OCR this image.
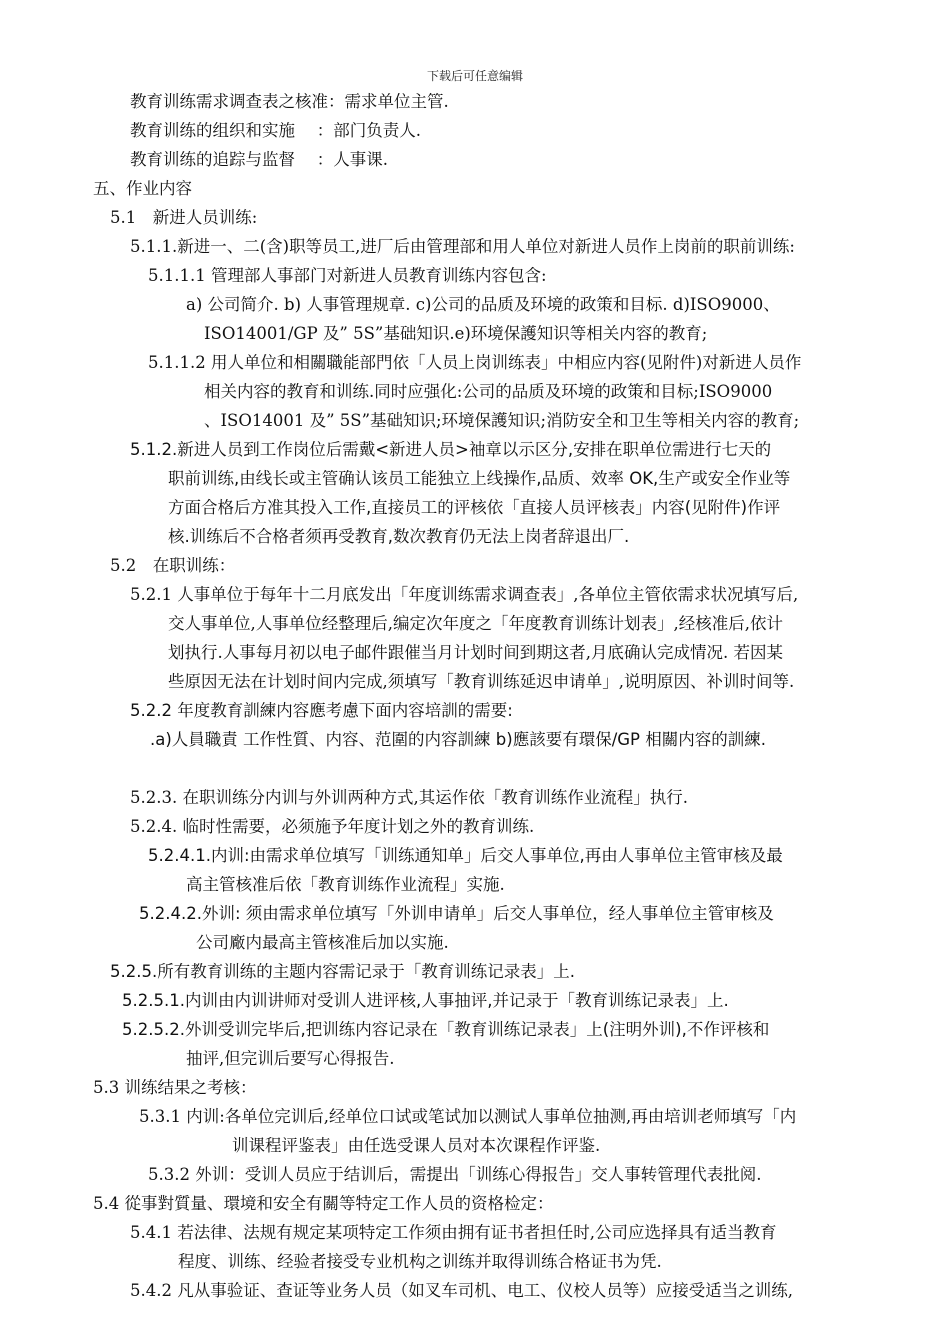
下载后可任意编辑
教育训练需求调查表之核准：需求单位主管.
教育训练的组织和实施　 ：部门负责人.
教育训练的追踪与监督　 ：人事课.
五、作业内容
5.1　新进人员训练:
5.1.1.新进一、二(含)职等员工,进厂后由管理部和用人单位对新进人员作上岗前的职前训练:
5.1.1.1 管理部人事部门对新进人员教育训练内容包含:
a) 公司简介. b) 人事管理规章. c)公司的品质及环境的政策和目标. d)ISO9000、
ISO14001/GP 及” 5S”基础知识.e)环境保護知识等相关内容的教育;
5.1.1.2 用人单位和相關職能部門依「人员上岗训练表」中相应内容(见附件)对新进人员作
相关内容的教育和训练.同时应强化:公司的品质及环境的政策和目标;ISO9000
、ISO14001 及” 5S”基础知识;环境保護知识;消防安全和卫生等相关内容的教育;
5.1.2.新进人员到工作岗位后需戴<新进人员>袖章以示区分,安排在职单位需进行七天的
职前训练,由线长或主管确认该员工能独立上线操作,品质、效率 OK,生产或安全作业等
方面合格后方准其投入工作,直接员工的评核依「直接人员评核表」内容(见附件)作评
核.训练后不合格者须再受教育,数次教育仍无法上岗者辞退出厂.
5.2　在职训练：
5.2.1 人事单位于每年十二月底发出「年度训练需求调查表」,各单位主管依需求状况填写后,
交人事单位,人事单位经整理后,编定次年度之「年度教育训练计划表」,经核准后,依计
划执行.人事每月初以电子邮件跟催当月计划时间到期这者,月底确认完成情况. 若因某
些原因无法在计划时间内完成,须填写「教育训练延迟申请单」,说明原因、补训时间等.
5.2.2 年度教育訓練内容應考慮下面内容培訓的需要:
.a)人員職責 工作性質、内容、范圍的内容訓練 b)應該要有環保/GP 相關内容的訓練.
5.2.3. 在职训练分内训与外训两种方式,其运作依「教育训练作业流程」执行.
5.2.4. 临时性需要，必须施予年度计划之外的教育训练.
5.2.4.1.内训:由需求单位填写「训练通知单」后交人事单位,再由人事单位主管审核及最
高主管核准后依「教育训练作业流程」实施.
5.2.4.2.外训: 须由需求单位填写「外训申请单」后交人事单位，经人事单位主管审核及
公司廠内最高主管核准后加以实施.
5.2.5.所有教育训练的主题内容需记录于「教育训练记录表」上.
5.2.5.1.内训由内训讲师对受训人进评核,人事抽评,并记录于「教育训练记录表」上.
5.2.5.2.外训受训完毕后,把训练内容记录在「教育训练记录表」上(注明外训),不作评核和
抽评,但完训后要写心得报告.
5.3 训练结果之考核：
5.3.1 内训:各单位完训后,经单位口试或笔试加以测试人事单位抽测,再由培训老师填写「内
训课程评鉴表」由任选受课人员对本次课程作评鉴.
5.3.2 外训：受训人员应于结训后，需提出「训练心得报告」交人事转管理代表批阅.
5.4 從事對質量、環境和安全有關等特定工作人员的资格检定：
5.4.1 若法律、法规有规定某项特定工作须由拥有证书者担任时,公司应选择具有适当教育
程度、训练、经验者接受专业机构之训练并取得训练合格证书为凭.
5.4.2 凡从事验证、查证等业务人员（如叉车司机、电工、仪校人员等）应接受适当之训练,
